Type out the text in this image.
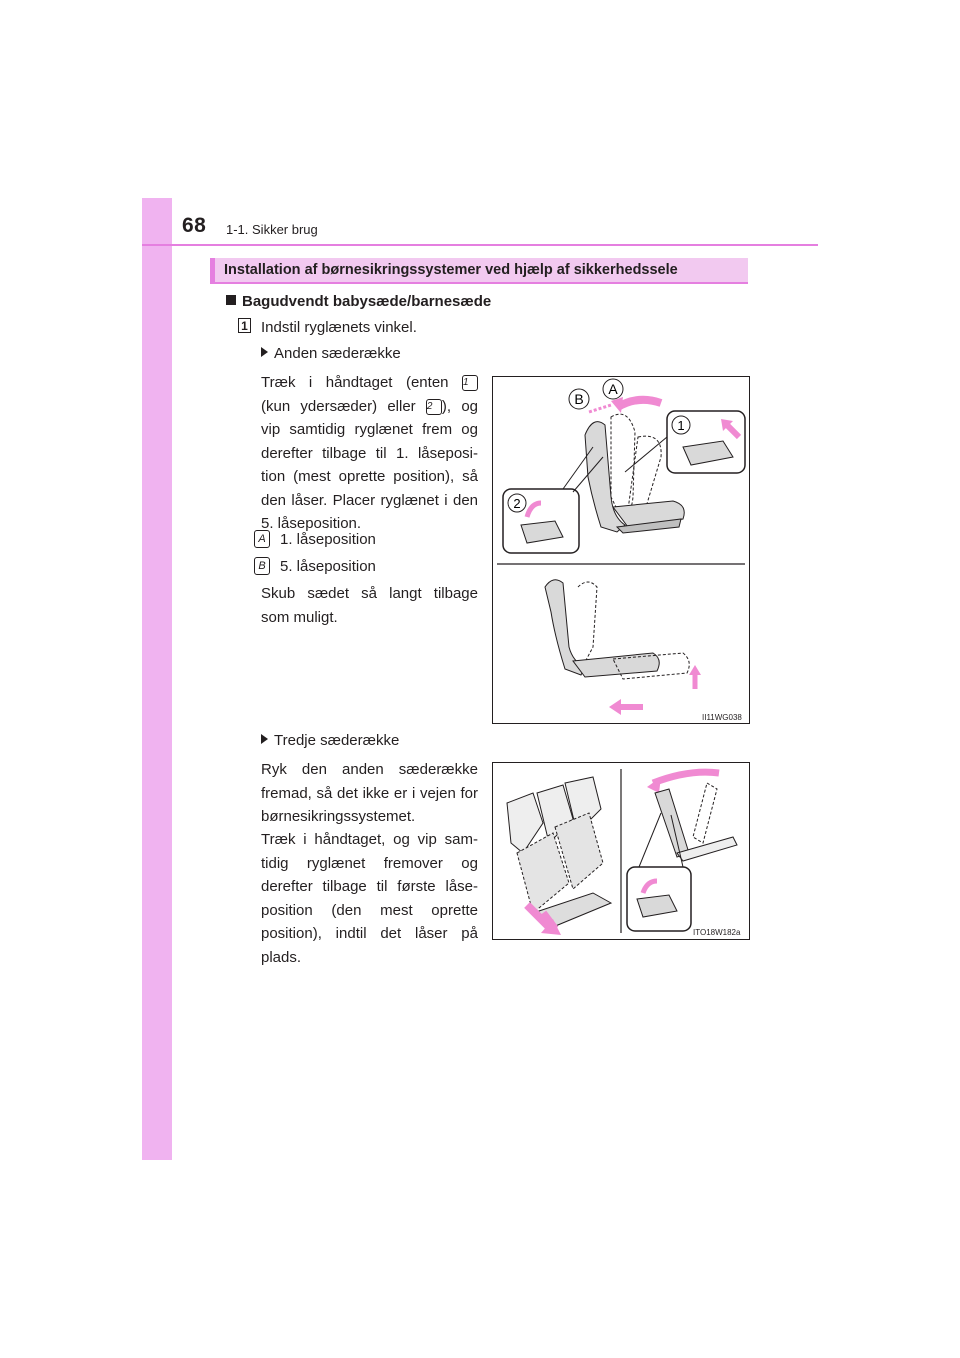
68 1-1. Sikker brug
Installation af børnesikringssystemer ved hjælp af sikkerhedssele
Bagudvendt babysæde/barnesæde
1 Indstil ryglænets vinkel.
Anden sæderække
Træk i håndtaget (enten 1
(kun ydersæder) eller 2 ), og
vip samtidig ryglænet frem og derefter tilbage til 1. låseposi-tion (mest oprette position), så den låser. Placer ryglænet i den 5. låseposition.
A 1. låseposition
B 5. låseposition
Skub sædet så langt tilbage som muligt.
Tredje sæderække
Ryk den anden sæderække fremad, så det ikke er i vejen for børnesikringssystemet.
Træk i håndtaget, og vip sam-tidig ryglænet fremover og derefter tilbage til første låse-position (den mest oprette position), indtil det låser på plads.
B
A
1
2
II11WG038
ITO18W182a
